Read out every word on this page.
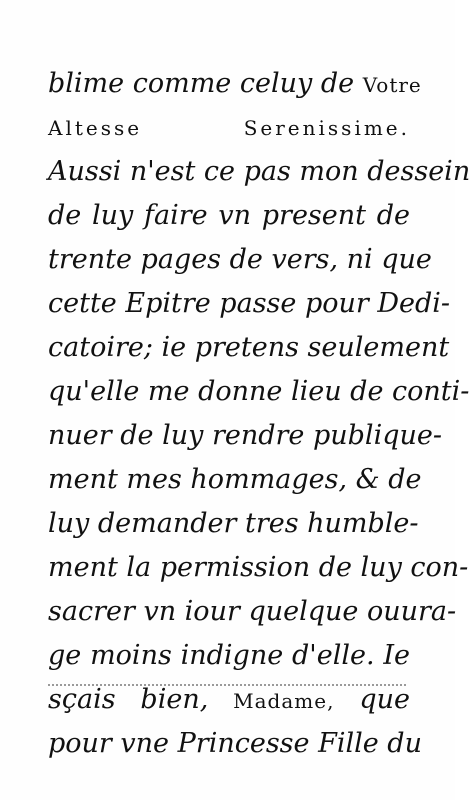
blime comme celuy de Votre
Altesse Serenissime.
Aussi n'est ce pas mon dessein
de luy faire vn present de
trente pages de vers, ni que
cette Epitre passe pour Dedi-
catoire; ie pretens seulement
qu'elle me donne lieu de conti-
nuer de luy rendre publique-
ment mes hommages, & de
luy demander tres humble-
ment la permission de luy con-
sacrer vn iour quelque ouura-
ge moins indigne d'elle. Ie
sçais bien, Madame, que
pour vne Princesse Fille du
